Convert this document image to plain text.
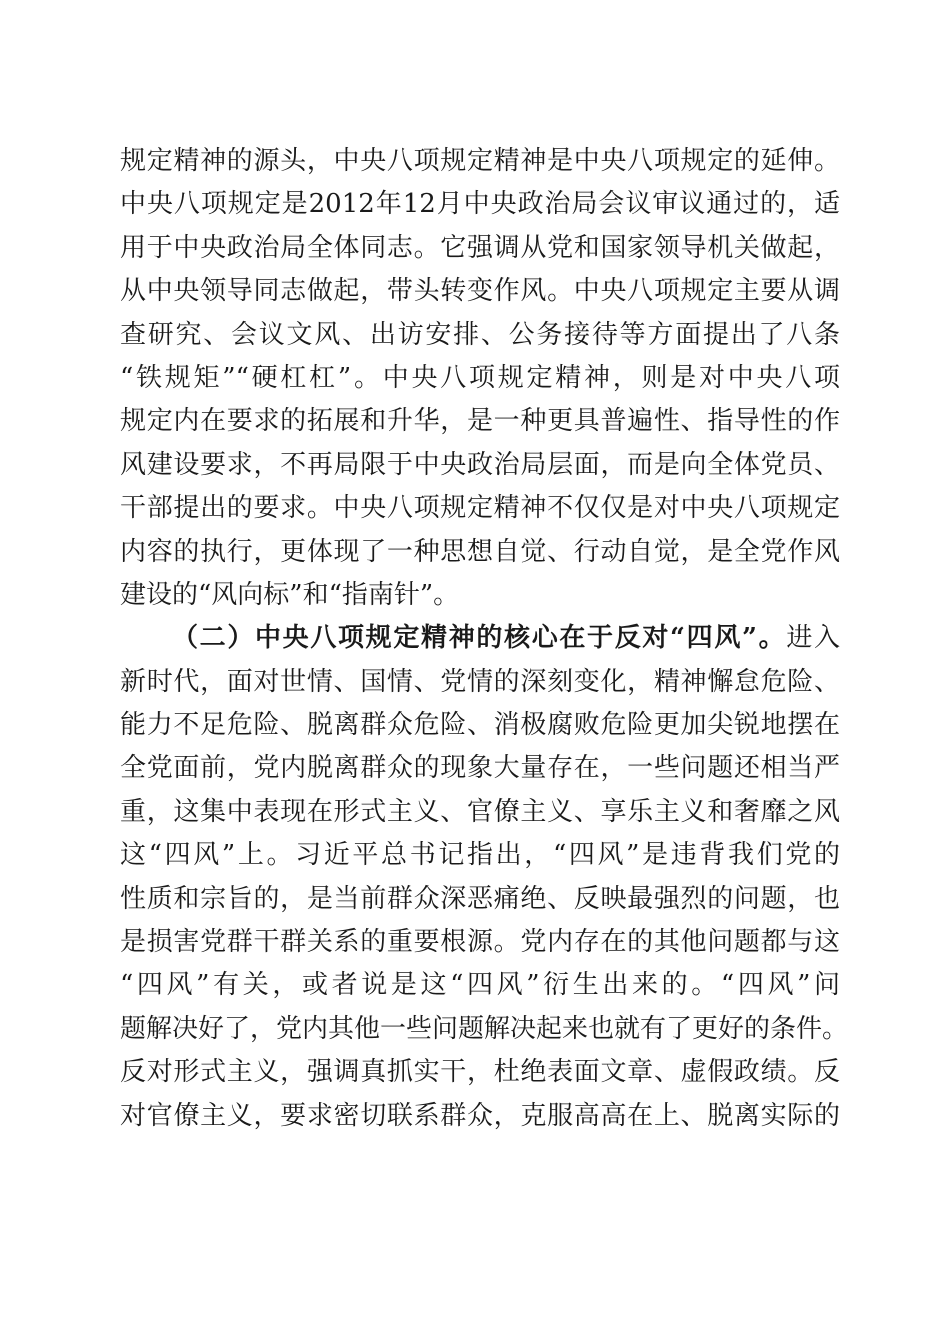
规定精神的源头，中央八项规定精神是中央八项规定的延伸。
中央八项规定是2012年12月中央政治局会议审议通过的，适
用于中央政治局全体同志。它强调从党和国家领导机关做起，
从中央领导同志做起，带头转变作风。中央八项规定主要从调
查研究、会议文风、出访安排、公务接待等方面提出了八条
“铁规矩”“硬杠杠”。中央八项规定精神，则是对中央八项
规定内在要求的拓展和升华，是一种更具普遍性、指导性的作
风建设要求，不再局限于中央政治局层面，而是向全体党员、
干部提出的要求。中央八项规定精神不仅仅是对中央八项规定
内容的执行，更体现了一种思想自觉、行动自觉，是全党作风
建设的“风向标”和“指南针”。
（二）中央八项规定精神的核心在于反对“四风”。进入
新时代，面对世情、国情、党情的深刻变化，精神懈怠危险、
能力不足危险、脱离群众危险、消极腐败危险更加尖锐地摆在
全党面前，党内脱离群众的现象大量存在，一些问题还相当严
重，这集中表现在形式主义、官僚主义、享乐主义和奢靡之风
这“四风”上。习近平总书记指出，“四风”是违背我们党的
性质和宗旨的，是当前群众深恶痛绝、反映最强烈的问题，也
是损害党群干群关系的重要根源。党内存在的其他问题都与这
“四风”有关，或者说是这“四风”衍生出来的。“四风”问
题解决好了，党内其他一些问题解决起来也就有了更好的条件。
反对形式主义，强调真抓实干，杜绝表面文章、虚假政绩。反
对官僚主义，要求密切联系群众，克服高高在上、脱离实际的
